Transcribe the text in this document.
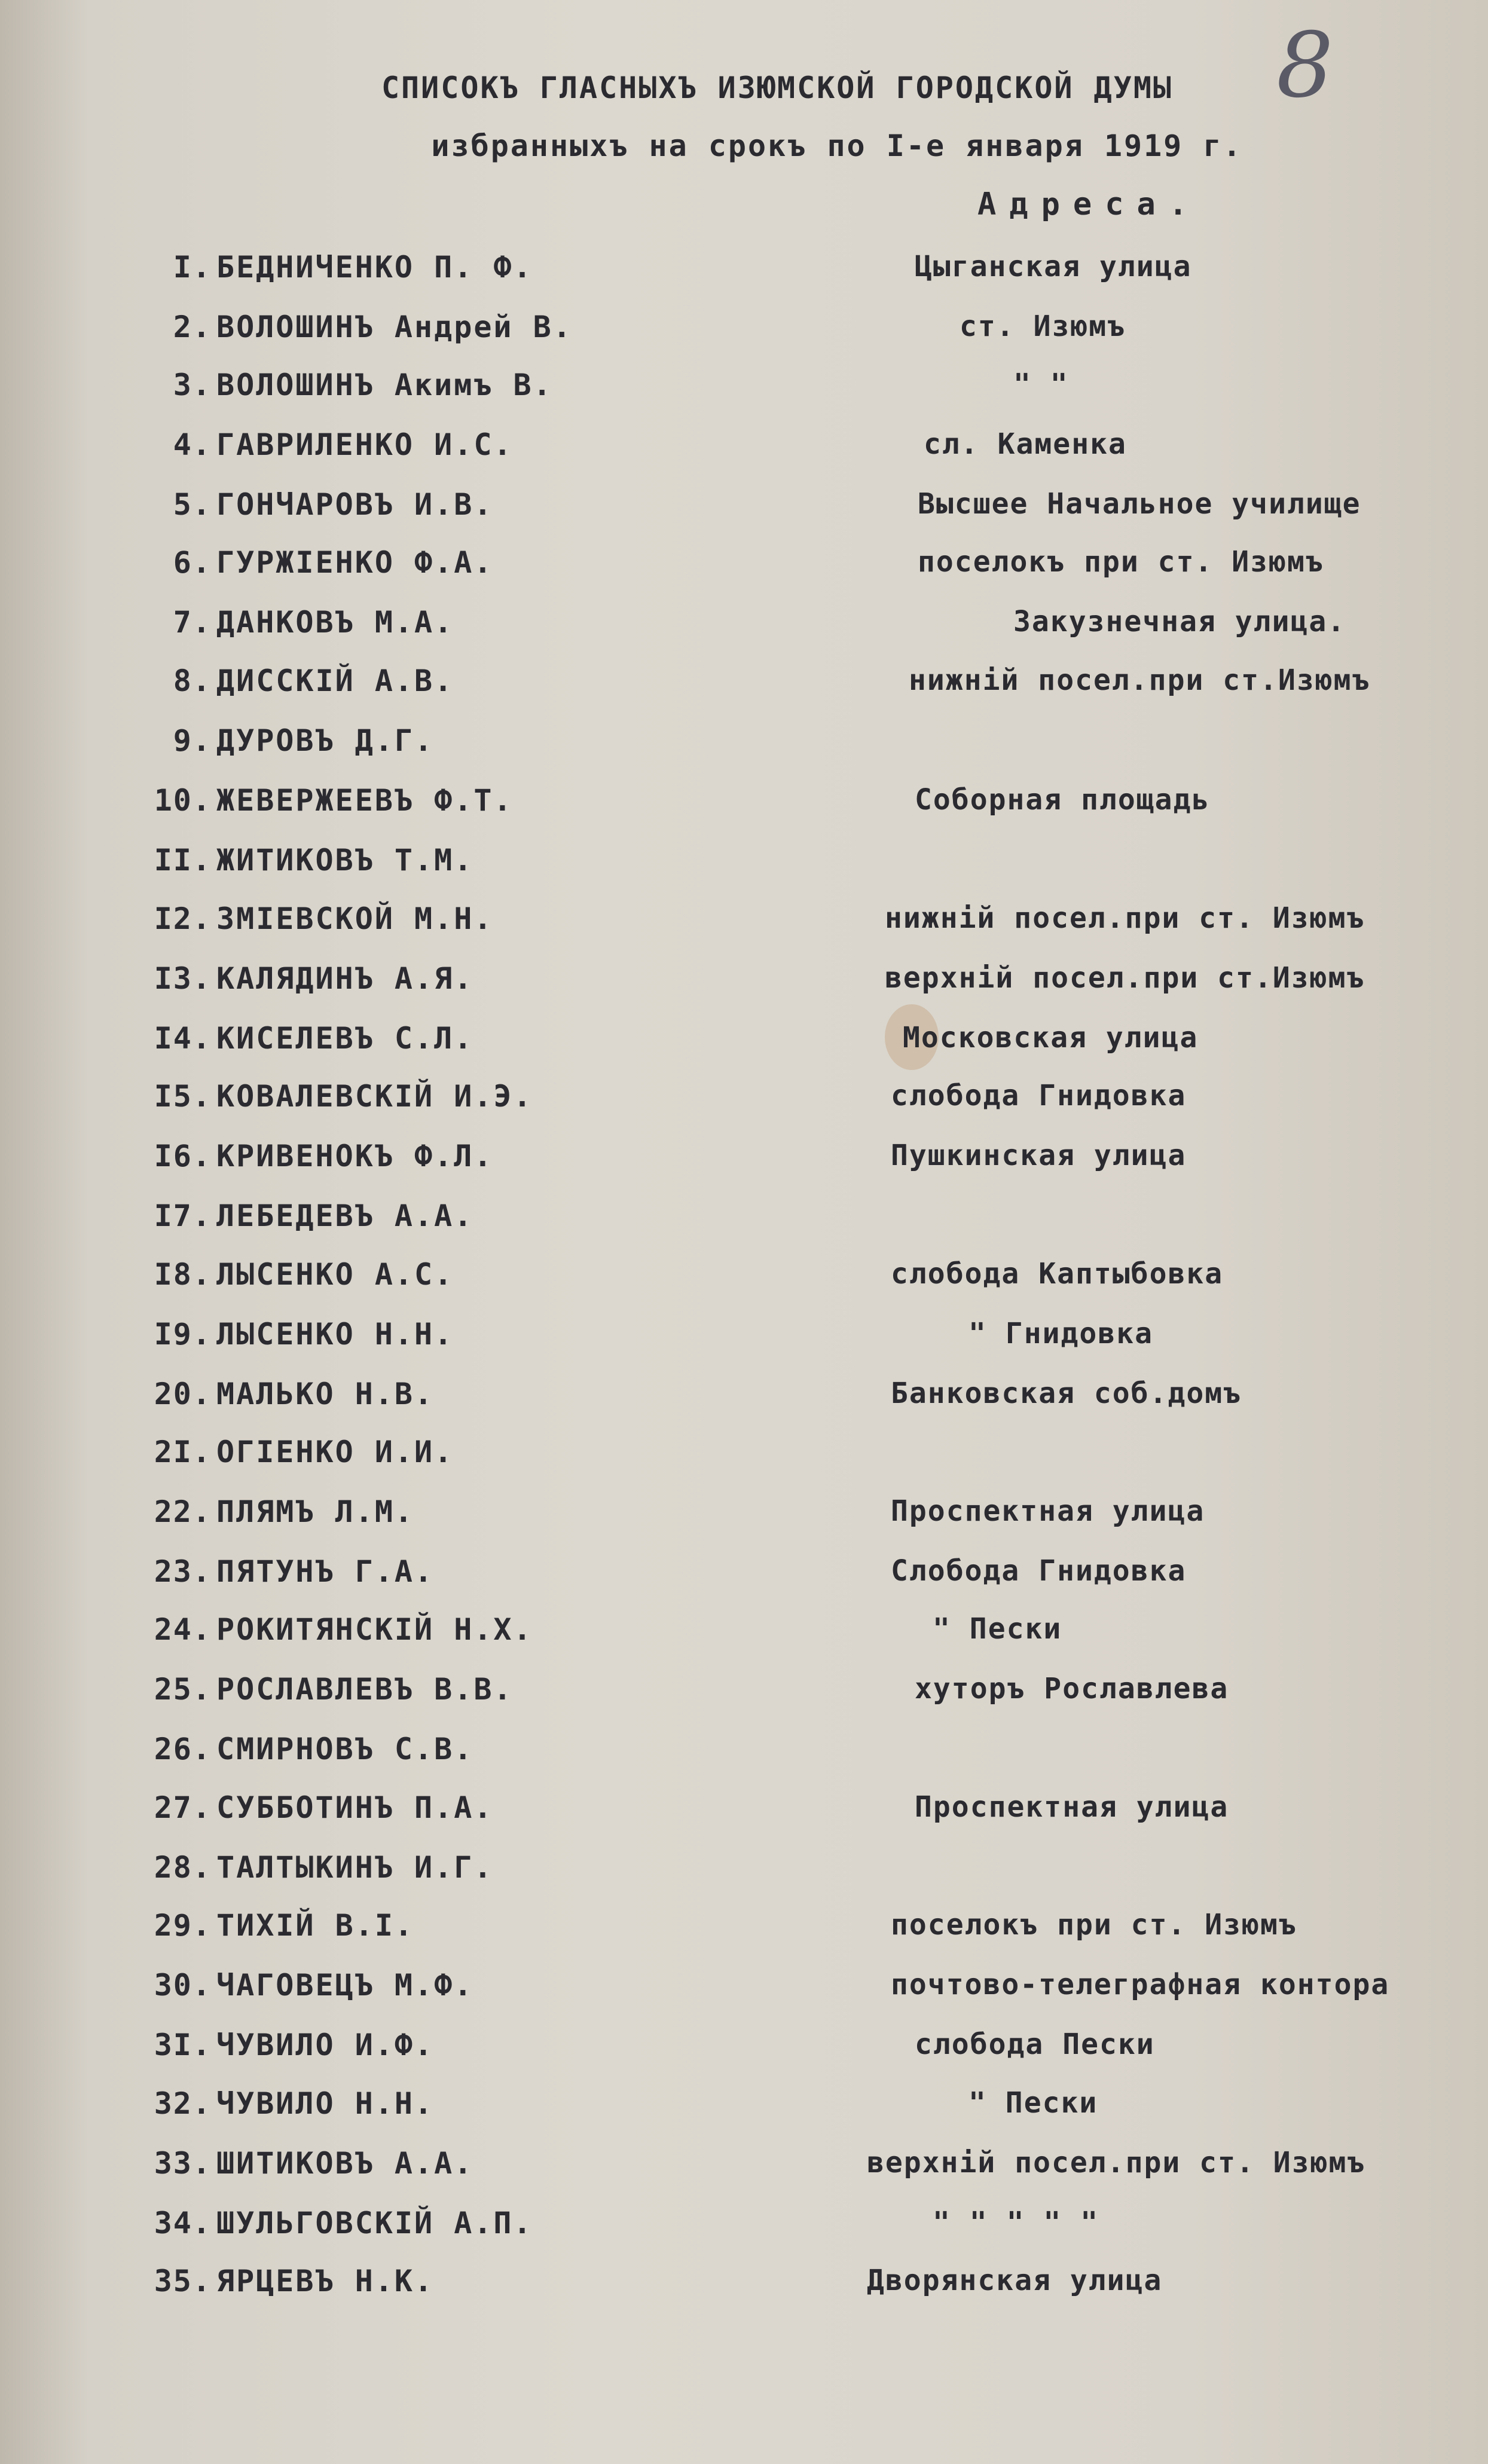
8
СПИСОКЪ ГЛАСНЫХЪ ИЗЮМСКОЙ ГОРОДСКОЙ ДУМЫ
избранныхъ на срокъ по I-е января 1919 г.
Адреса.
I. БЕДНИЧЕНКО П. Ф.	Цыганская улица
2. ВОЛОШИНЪ Андрей В.	ст. Изюмъ
3. ВОЛОШИНЪ Акимъ В.	" "
4. ГАВРИЛЕНКО И.С.	сл. Каменка
5. ГОНЧАРОВЪ И.В.	Высшее Начальное училище
6. ГУРЖIЕНКО Ф.А.	поселокъ при ст. Изюмъ
7. ДАНКОВЪ М.А.	Закузнечная улица.
8. ДИССКIЙ А.В.	нижнiй посел.при ст.Изюмъ
9. ДУРОВЪ Д.Г.
10. ЖЕВЕРЖЕЕВЪ Ф.Т.	Соборная площадь
II. ЖИТИКОВЪ Т.М.
I2. ЗМIЕВСКОЙ М.Н.	нижнiй посел.при ст. Изюмъ
I3. КАЛЯДИНЪ А.Я.	верхнiй посел.при ст.Изюмъ
I4. КИСЕЛЕВЪ С.Л.	Московская улица
I5. КОВАЛЕВСКIЙ И.Э.	слобода Гнидовка
I6. КРИВЕНОКЪ Ф.Л.	Пушкинская улица
I7. ЛЕБЕДЕВЪ А.А.
I8. ЛЫСЕНКО А.С.	слобода Каптыбовка
I9. ЛЫСЕНКО Н.Н.	" Гнидовка
20. МАЛЬКО Н.В.	Банковская соб.домъ
2I. ОГIЕНКО И.И.
22. ПЛЯМЪ Л.М.	Проспектная улица
23. ПЯТУНЪ Г.А.	Слобода Гнидовка
24. РОКИТЯНСКIЙ Н.Х.	" Пески
25. РОСЛАВЛЕВЪ В.В.	хуторъ Рославлева
26. СМИРНОВЪ С.В.
27. СУББОТИНЪ П.А.	Проспектная улица
28. ТАЛТЫКИНЪ И.Г.
29. ТИХIЙ В.I.	поселокъ при ст. Изюмъ
30. ЧАГОВЕЦЪ М.Ф.	почтово-телеграфная контора
3I. ЧУВИЛО И.Ф.	слобода Пески
32. ЧУВИЛО Н.Н.	" Пески
33. ШИТИКОВЪ А.А.	верхнiй посел.при ст. Изюмъ
34. ШУЛЬГОВСКIЙ А.П.	" " " " "
35. ЯРЦЕВЪ Н.К.	Дворянская улица
